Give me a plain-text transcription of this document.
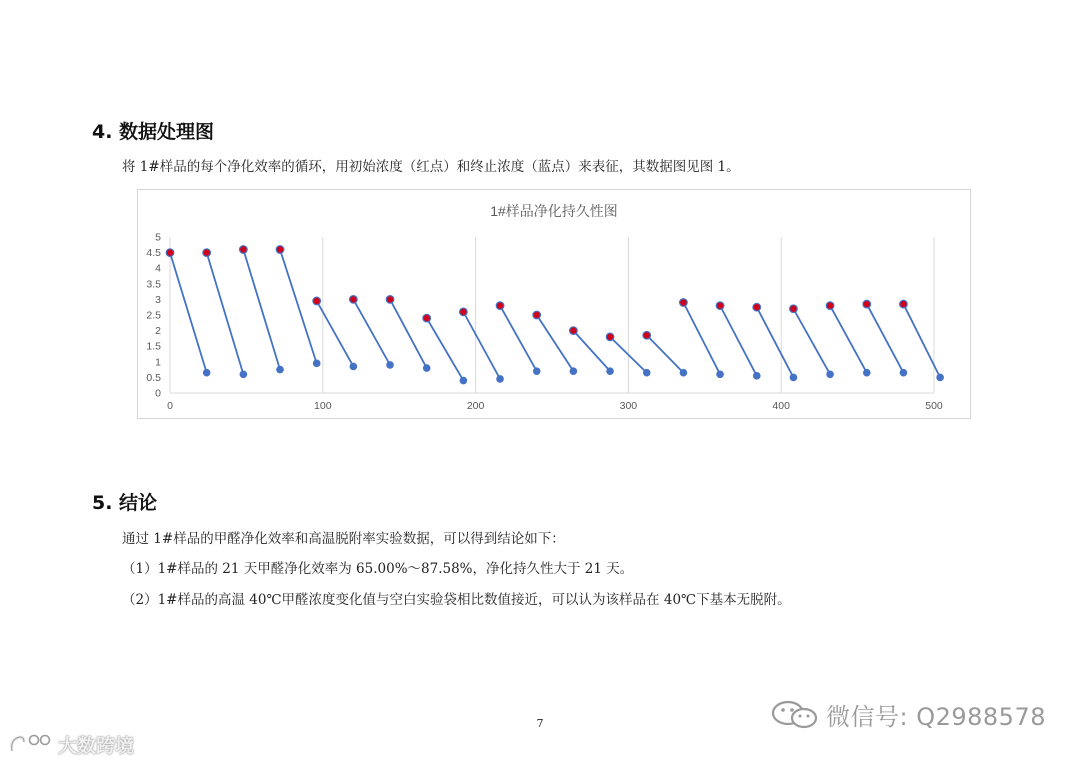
4. 数据处理图

将 1#样品的每个净化效率的循环，用初始浓度（红点）和终止浓度（蓝点）来表征，其数据图见图 1。

1#样品净化持久性图
0	100	200	300	400	500
0
0.5
1
1.5
2
2.5
3
3.5
4
4.5
5
5. 结论

通过 1#样品的甲醛净化效率和高温脱附率实验数据，可以得到结论如下：

（1）1#样品的 21 天甲醛净化效率为 65.00%～87.58%，净化持久性大于 21 天。

（2）1#样品的高温 40℃甲醛浓度变化值与空白实验袋相比数值接近，可以认为该样品在 40℃下基本无脱附。

7	微信号: Q2988578
大数跨境
